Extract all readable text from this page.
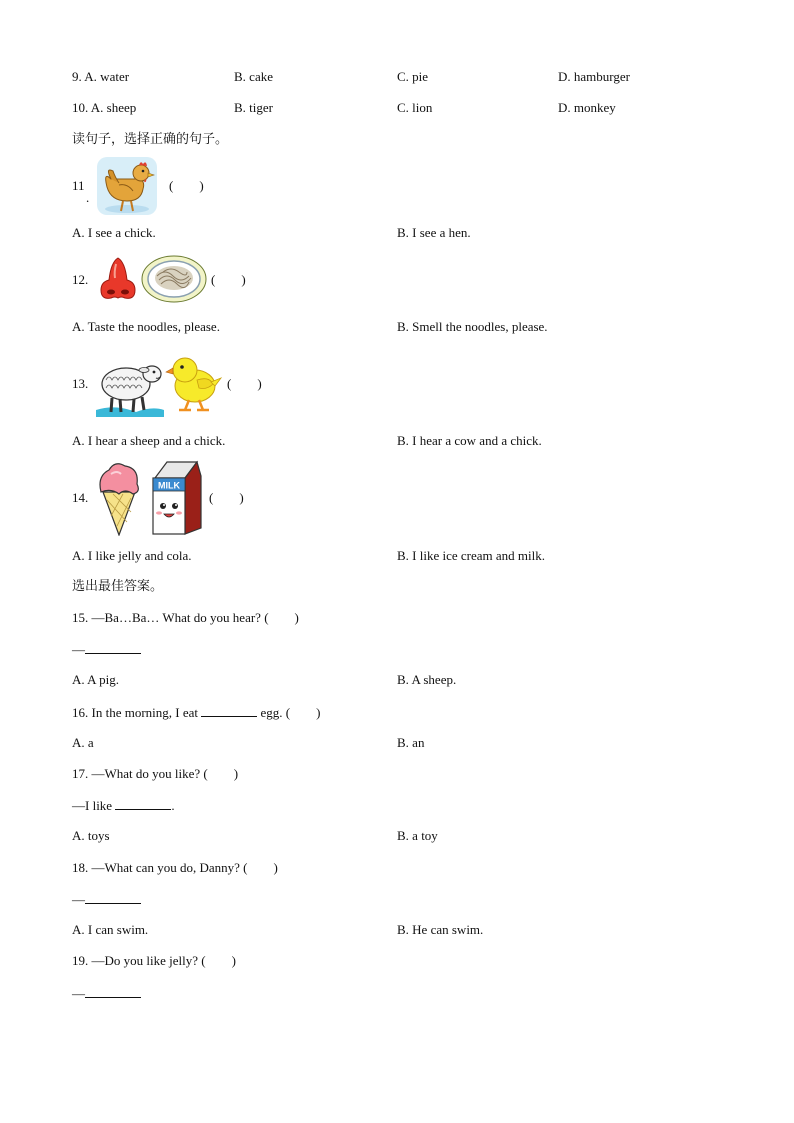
9. A. water	B. cake	C. pie	D. hamburger
10. A. sheep	B. tiger	C. lion	D. monkey
读句子，选择正确的句子。
11
.
(　　)
A. I see a chick.	B. I see a hen.
12.	(　　)
A. Taste the noodles, please.	B. Smell the noodles, please.
13.	(　　)
A. I hear a sheep and a chick.	B. I hear a cow and a chick.
14.
MILK
(　　)
A. I like jelly and cola.	B. I like ice cream and milk.
选出最佳答案。
15. —Ba…Ba… What do you hear? (　　)
—
A. A pig.	B. A sheep.
16. In the morning, I eat	egg. (　　)
A. a	B. an
17. —What do you like? (　　)
—I like	.
A. toys	B. a toy
18. —What can you do, Danny? (　　)
—
A. I can swim.	B. He can swim.
19. —Do you like jelly? (　　)
—
